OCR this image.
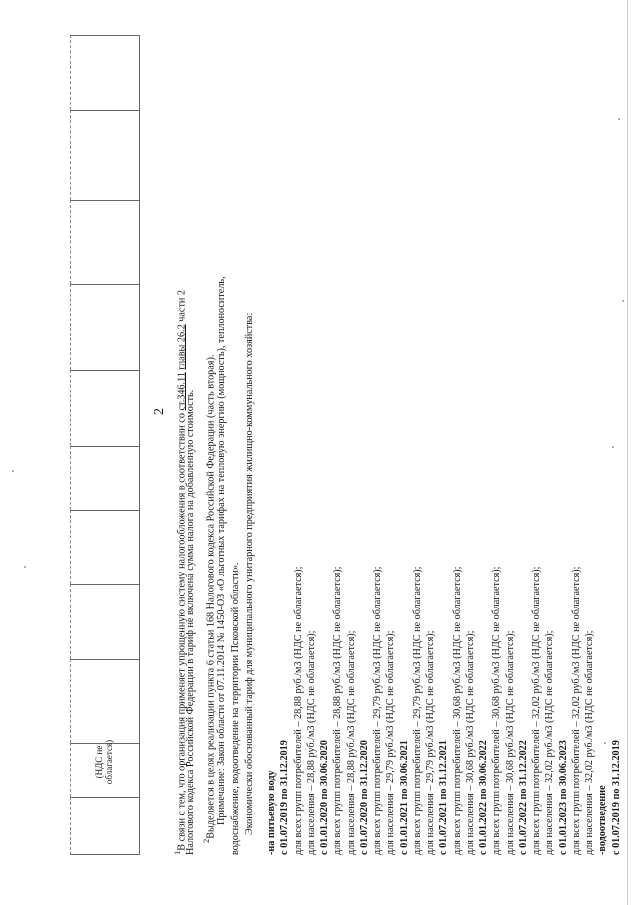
(НДС не облагается)
2
$^1$В связи с тем, что организация применяет упрощенную систему налогообложения в соответствии со ст.346.11 главы 26.2 части 2
Налогового кодекса Российской Федерации в тариф не включена сумма налога на добавленную стоимость. $^2$Выделяется в целях реализации пункта 6 статьи 168 Налогового кодекса Российской Федерации (часть вторая). Примечание: Закон области от 07.11.2014 № 1450-ОЗ «О льготных тарифах на тепловую энергию (мощность), теплоноситель, водоснабжение, водоотведение на территории Псковской области». Экономически обоснованный тариф для муниципального унитарного предприятия жилищно-коммунального хозяйства: -на питьевую воду с 01.07.2019 по 31.12.2019 для всех групп потребителей – 28,88 руб./м3 (НДС не облагается); для населения – 28,88 руб./м3 (НДС не облагается); с 01.01.2020 по 30.06.2020 для всех групп потребителей – 28,88 руб./м3 (НДС не облагается); для населения – 28,88 руб./м3 (НДС не облагается); с 01.07.2020 по 31.12.2020 для всех групп потребителей – 29,79 руб./м3 (НДС не облагается); для населения – 29,79 руб./м3 (НДС не облагается); с 01.01.2021 по 30.06.2021 для всех групп потребителей – 29,79 руб./м3 (НДС не облагается); для населения – 29,79 руб./м3 (НДС не облагается); с 01.07.2021 по 31.12.2021 для всех групп потребителей – 30,68 руб./м3 (НДС не облагается); для населения – 30,68 руб./м3 (НДС не облагается); с 01.01.2022 по 30.06.2022 для всех групп потребителей – 30,68 руб./м3 (НДС не облагается); для населения – 30,68 руб./м3 (НДС не облагается); с 01.07.2022 по 31.12.2022 для всех групп потребителей – 32,02 руб./м3 (НДС не облагается); для населения – 32,02 руб./м3 (НДС не облагается); с 01.01.2023 по 30.06.2023 для всех групп потребителей – 32,02 руб./м3 (НДС не облагается); для населения – 32,02 руб./м3 (НДС не облагается); -водоотведение с 01.07.2019 по 31.12.2019
